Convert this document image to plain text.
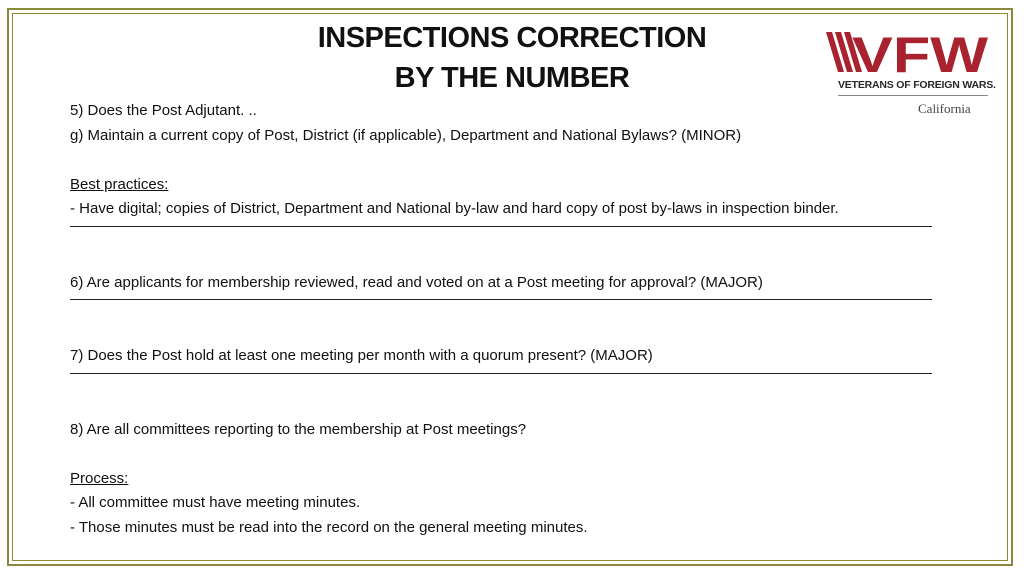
INSPECTIONS CORRECTION
BY THE NUMBER	VFW
VETERANS OF FOREIGN WARS.
California
5) Does the Post Adjutant. ..
g) Maintain a current copy of Post, District (if applicable), Department and National Bylaws? (MINOR)
Best practices:
- Have digital; copies of District, Department and National by-law and hard copy of post by-laws in inspection binder.
6) Are applicants for membership reviewed, read and voted on at a Post meeting for approval? (MAJOR)
7) Does the Post hold at least one meeting per month with a quorum present? (MAJOR)
8) Are all committees reporting to the membership at Post meetings?
Process:
- All committee must have meeting minutes.
- Those minutes must be read into the record on the general meeting minutes.
